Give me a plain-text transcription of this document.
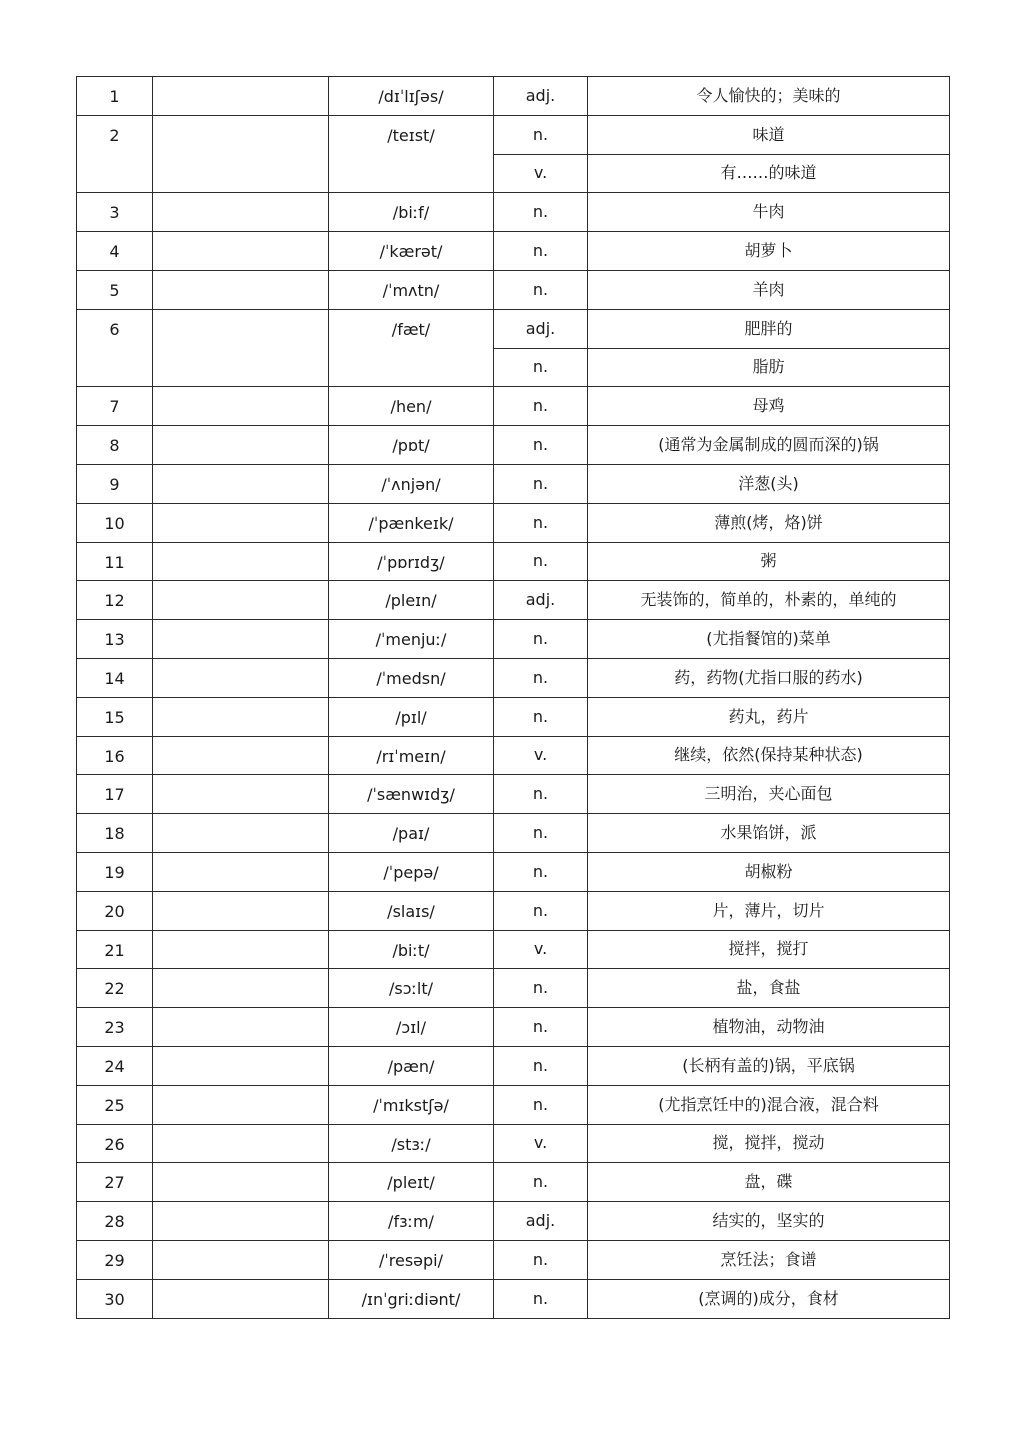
1		/dɪˈlɪʃəs/	adj.	令人愉快的；美味的
2		/teɪst/	n.	味道
			v.	有……的味道
3		/biːf/	n.	牛肉
4		/ˈkærət/	n.	胡萝卜
5		/ˈmʌtn/	n.	羊肉
6		/fæt/	adj.	肥胖的
			n.	脂肪
7		/hen/	n.	母鸡
8		/pɒt/	n.	(通常为金属制成的圆而深的)锅
9		/ˈʌnjən/	n.	洋葱(头)
10		/ˈpænkeɪk/	n.	薄煎(烤，烙)饼
11		/ˈpɒrɪdʒ/	n.	粥
12		/pleɪn/	adj.	无装饰的，简单的，朴素的，单纯的
13		/ˈmenjuː/	n.	(尤指餐馆的)菜单
14		/ˈmedsn/	n.	药，药物(尤指口服的药水)
15		/pɪl/	n.	药丸，药片
16		/rɪˈmeɪn/	v.	继续，依然(保持某种状态)
17		/ˈsænwɪdʒ/	n.	三明治，夹心面包
18		/paɪ/	n.	水果馅饼，派
19		/ˈpepə/	n.	胡椒粉
20		/slaɪs/	n.	片，薄片，切片
21		/biːt/	v.	搅拌，搅打
22		/sɔːlt/	n.	盐，食盐
23		/ɔɪl/	n.	植物油，动物油
24		/pæn/	n.	(长柄有盖的)锅，平底锅
25		/ˈmɪkstʃə/	n.	(尤指烹饪中的)混合液，混合料
26		/stɜː/	v.	搅，搅拌，搅动
27		/pleɪt/	n.	盘，碟
28		/fɜːm/	adj.	结实的，坚实的
29		/ˈresəpi/	n.	烹饪法；食谱
30		/ɪnˈgriːdiənt/	n.	(烹调的)成分，食材
